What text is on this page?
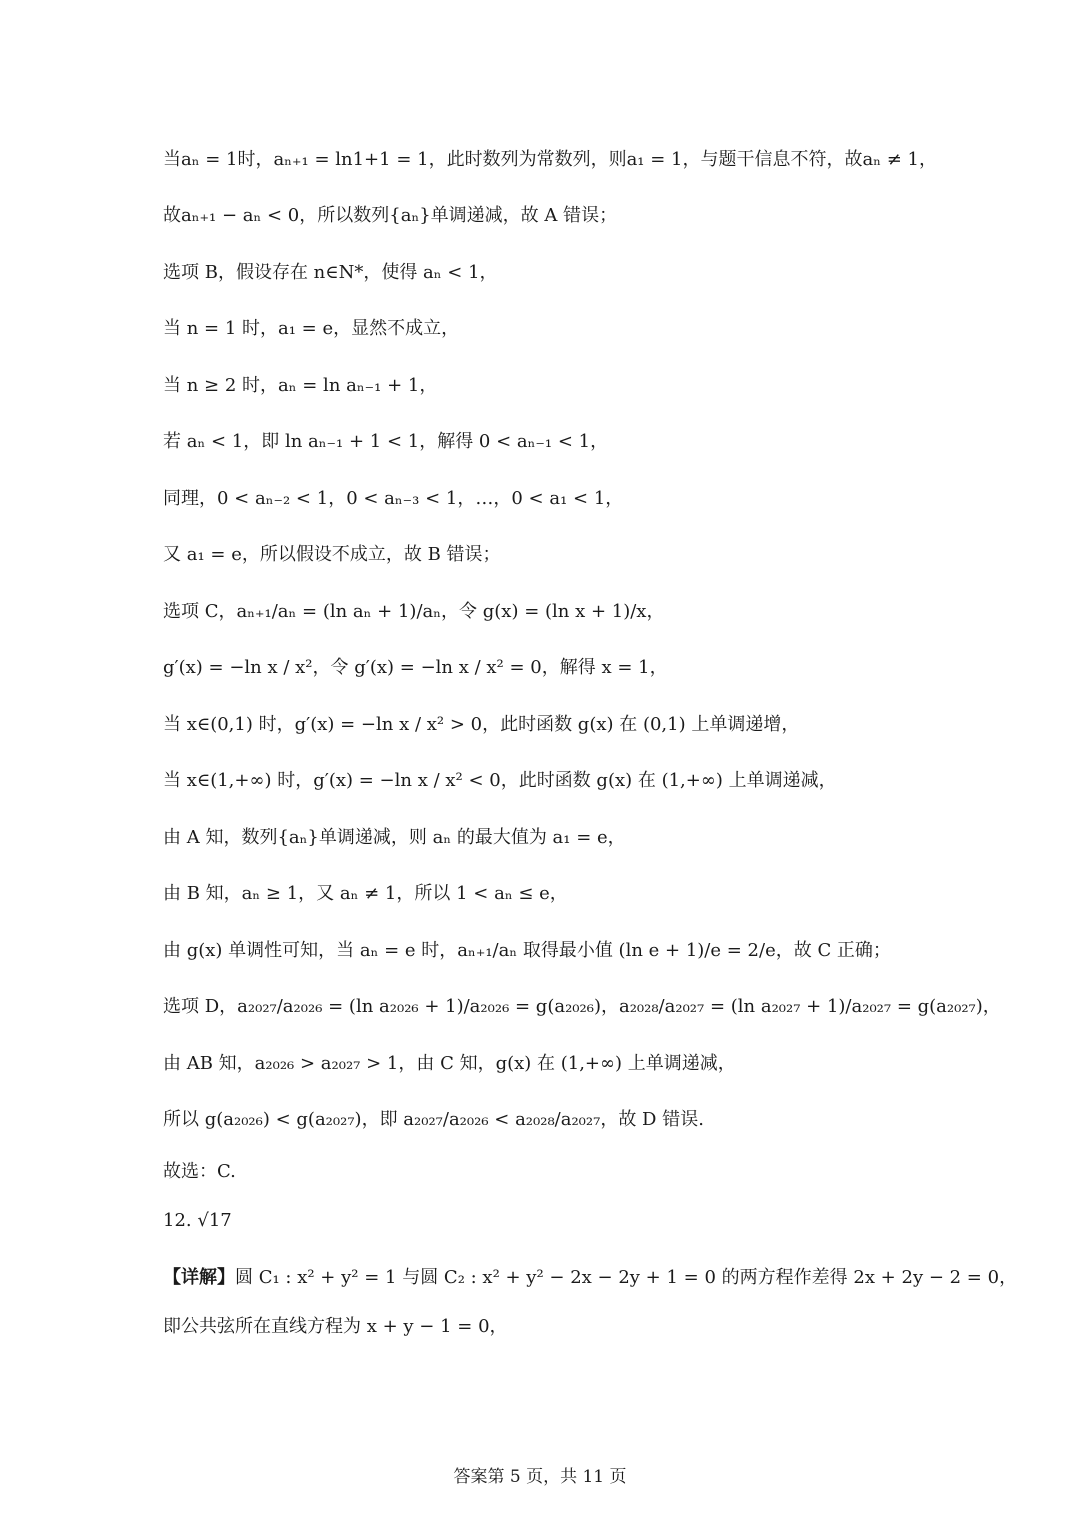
当aₙ = 1时，aₙ₊₁ = ln1+1 = 1，此时数列为常数列，则a₁ = 1，与题干信息不符，故aₙ ≠ 1，
故aₙ₊₁ − aₙ < 0，所以数列{aₙ}单调递减，故 A 错误；
选项 B，假设存在 n∈N*，使得 aₙ < 1，
当 n = 1 时，a₁ = e，显然不成立，
当 n ≥ 2 时，aₙ = ln aₙ₋₁ + 1，
若 aₙ < 1，即 ln aₙ₋₁ + 1 < 1，解得 0 < aₙ₋₁ < 1，
同理，0 < aₙ₋₂ < 1，0 < aₙ₋₃ < 1，…，0 < a₁ < 1，
又 a₁ = e，所以假设不成立，故 B 错误；
选项 C，aₙ₊₁/aₙ = (ln aₙ + 1)/aₙ，令 g(x) = (ln x + 1)/x，
g′(x) = −ln x / x²，令 g′(x) = −ln x / x² = 0，解得 x = 1，
当 x∈(0,1) 时，g′(x) = −ln x / x² > 0，此时函数 g(x) 在 (0,1) 上单调递增，
当 x∈(1,+∞) 时，g′(x) = −ln x / x² < 0，此时函数 g(x) 在 (1,+∞) 上单调递减，
由 A 知，数列{aₙ}单调递减，则 aₙ 的最大值为 a₁ = e，
由 B 知，aₙ ≥ 1，又 aₙ ≠ 1，所以 1 < aₙ ≤ e，
由 g(x) 单调性可知，当 aₙ = e 时，aₙ₊₁/aₙ 取得最小值 (ln e + 1)/e = 2/e，故 C 正确；
选项 D，a₂₀₂₇/a₂₀₂₆ = (ln a₂₀₂₆ + 1)/a₂₀₂₆ = g(a₂₀₂₆)，a₂₀₂₈/a₂₀₂₇ = (ln a₂₀₂₇ + 1)/a₂₀₂₇ = g(a₂₀₂₇)，
由 AB 知，a₂₀₂₆ > a₂₀₂₇ > 1，由 C 知，g(x) 在 (1,+∞) 上单调递减，
所以 g(a₂₀₂₆) < g(a₂₀₂₇)，即 a₂₀₂₇/a₂₀₂₆ < a₂₀₂₈/a₂₀₂₇，故 D 错误.
故选：C.
12. √17
【详解】圆 C₁ : x² + y² = 1 与圆 C₂ : x² + y² − 2x − 2y + 1 = 0 的两方程作差得 2x + 2y − 2 = 0，
即公共弦所在直线方程为 x + y − 1 = 0，
答案第 5 页，共 11 页
